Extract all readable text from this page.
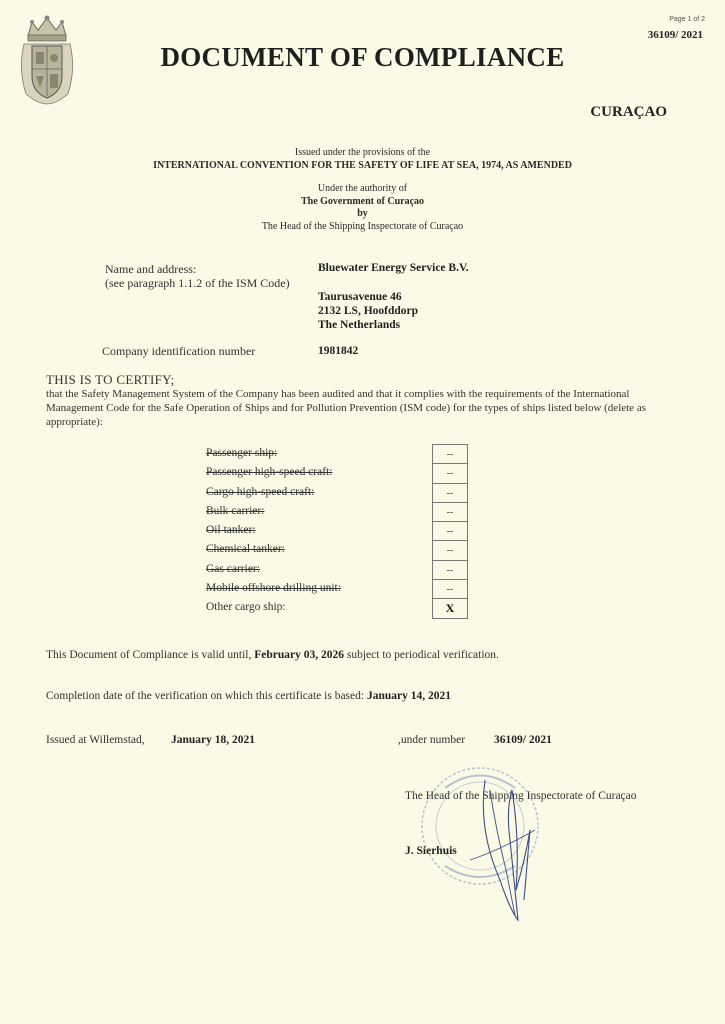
Page 1 of 2
36109/ 2021
DOCUMENT OF COMPLIANCE
CURAÇAO
Issued under the provisions of the
INTERNATIONAL CONVENTION FOR THE SAFETY OF LIFE AT SEA, 1974, AS AMENDED
Under the authority of
The Government of Curaçao
by
The Head of the Shipping Inspectorate of Curaçao
Name and address:
(see paragraph 1.1.2 of the ISM Code)
Bluewater Energy Service B.V.
Taurusavenue 46
2132 LS, Hoofddorp
The Netherlands
Company identification number	1981842
THIS IS TO CERTIFY;
that the Safety Management System of the Company has been audited and that it complies with the requirements of the International Management Code for the Safe Operation of Ships and for Pollution Prevention (ISM code) for the types of ships listed below (delete as appropriate):
Passenger ship:	--
Passenger high-speed craft:	--
Cargo high-speed craft:	--
Bulk carrier:	--
Oil tanker:	--
Chemical tanker:	--
Gas carrier:	--
Mobile offshore drilling unit:	--
Other cargo ship:	X
This Document of Compliance is valid until, February 03, 2026 subject to periodical verification.
Completion date of the verification on which this certificate is based: January 14, 2021
Issued at Willemstad, January 18, 2021	,under number	36109/ 2021
The Head of the Shipping Inspectorate of Curaçao
J. Sierhuis
